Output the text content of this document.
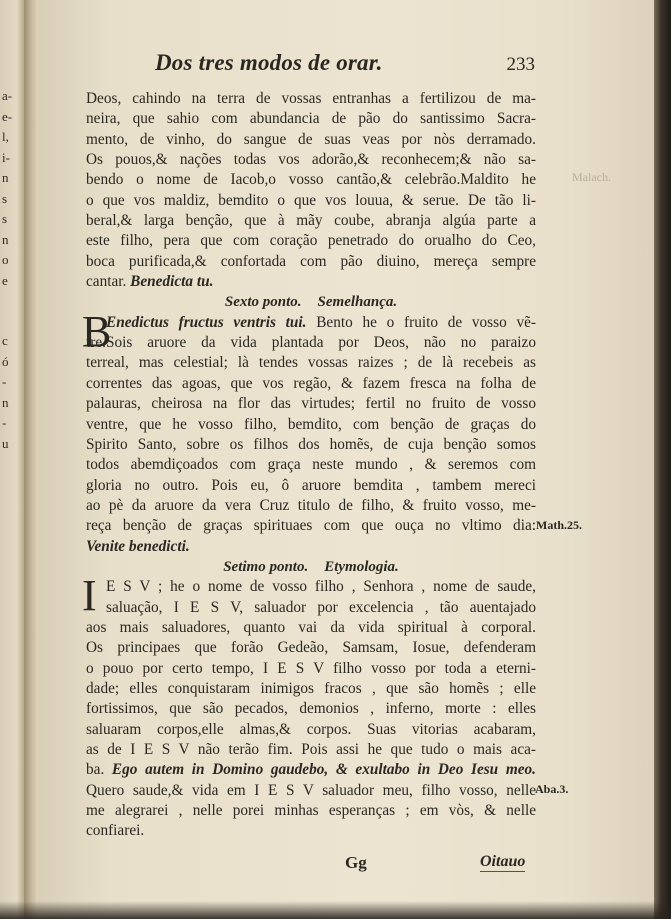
a-
e-
l,
i-
n
s
s
n
o
e
c
ó
-
n
-
u
Dos tres modos de orar.	233
Malach.
Math.25.
Aba.3.
Deos, cahindo na terra de vossas entranhas a fertilizou de ma-
neira, que sahio com abundancia de pão do santissimo Sacra-
mento, de vinho, do sangue de suas veas por nòs derramado.
Os pouos,& nações todas vos adorão,& reconhecem;& não sa-
bendo o nome de Iacob,o vosso cantão,& celebrão.Maldito he
o que vos maldiz, bemdito o que vos louua, & serue. De tão li-
beral,& larga benção, que à mãy coube, abranja algúa parte a
este filho, pera que com coração penetrado do orualho do Ceo,
boca purificada,& confortada com pão diuino, mereça sempre
cantar. Benedicta tu.
Sexto ponto. Semelhança.
B
Enedictus fructus ventris tui. Bento he o fruito de vosso vẽ-
tre.Sois aruore da vida plantada por Deos, não no paraizo
terreal, mas celestial; là tendes vossas raizes ; de là recebeis as
correntes das agoas, que vos regão, & fazem fresca na folha de
palauras, cheirosa na flor das virtudes; fertil no fruito de vosso
ventre, que he vosso filho, bemdito, com benção de graças do
Spirito Santo, sobre os filhos dos homẽs, de cuja benção somos
todos abemdiçoados com graça neste mundo , & seremos com
gloria no outro. Pois eu, ô aruore bemdita , tambem mereci
ao pè da aruore da vera Cruz titulo de filho, & fruito vosso, me-
reça benção de graças spirituaes com que ouça no vltimo dia:
Venite benedicti.
Setimo ponto. Etymologia.
I E S V ; he o nome de vosso filho , Senhora , nome de saude,
saluação, I E S V, saluador por excelencia , tão auentajado
aos mais saluadores, quanto vai da vida spiritual à corporal.
Os principaes que forão Gedeão, Samsam, Iosue, defenderam
o pouo por certo tempo, I E S V filho vosso por toda a eterni-
dade; elles conquistaram inimigos fracos , que são homẽs ; elle
fortissimos, que são pecados, demonios , inferno, morte : elles
saluaram corpos,elle almas,& corpos. Suas vitorias acabaram,
as de I E S V não terão fim. Pois assi he que tudo o mais aca-
ba. Ego autem in Domino gaudebo, & exultabo in Deo Iesu meo.
Quero saude,& vida em I E S V saluador meu, filho vosso, nelle
me alegrarei , nelle porei minhas esperanças ; em vòs, & nelle
confiarei.
Gg	Oitauo
